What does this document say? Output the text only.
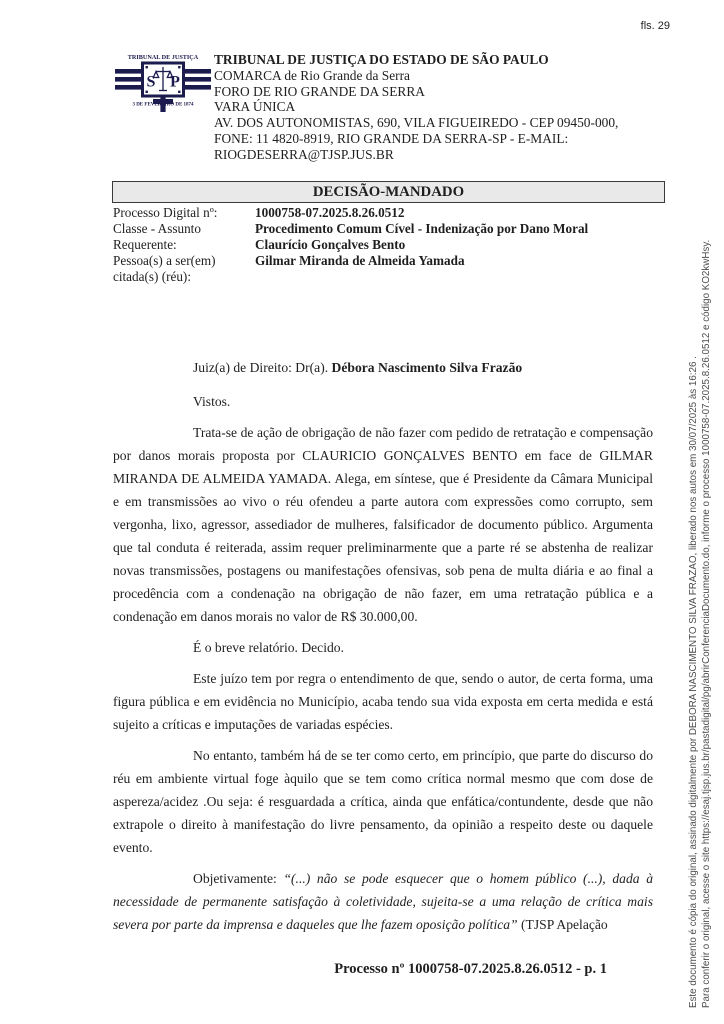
fls. 29
TRIBUNAL DE JUSTIÇA
S P
3 DE FEVEREIRO DE 1874
TRIBUNAL DE JUSTIÇA DO ESTADO DE SÃO PAULO
COMARCA de Rio Grande da Serra
FORO DE RIO GRANDE DA SERRA
VARA ÚNICA
AV. DOS AUTONOMISTAS, 690, VILA FIGUEIREDO - CEP 09450-000,
FONE: 11 4820-8919, RIO GRANDE DA SERRA-SP - E-MAIL:
RIOGDESERRA@TJSP.JUS.BR
DECISÃO-MANDADO
Processo Digital nº:	1000758-07.2025.8.26.0512
Classe - Assunto	Procedimento Comum Cível - Indenização por Dano Moral
Requerente:	Claurício Gonçalves Bento
Pessoa(s) a ser(em) citada(s) (réu):	Gilmar Miranda de Almeida Yamada

Juiz(a) de Direito: Dr(a). Débora Nascimento Silva Frazão

Vistos.

Trata-se de ação de obrigação de não fazer com pedido de retratação e compensação por danos morais proposta por CLAURICIO GONÇALVES BENTO em face de GILMAR MIRANDA DE ALMEIDA YAMADA. Alega, em síntese, que é Presidente da Câmara Municipal e em transmissões ao vivo o réu ofendeu a parte autora com expressões como corrupto, sem vergonha, lixo, agressor, assediador de mulheres, falsificador de documento público. Argumenta que tal conduta é reiterada, assim requer preliminarmente que a parte ré se abstenha de realizar novas transmissões, postagens ou manifestações ofensivas, sob pena de multa diária e ao final a procedência com a condenação na obrigação de não fazer, em uma retratação pública e a condenação em danos morais no valor de R$ 30.000,00.

É o breve relatório. Decido.

Este juízo tem por regra o entendimento de que, sendo o autor, de certa forma, uma figura pública e em evidência no Município, acaba tendo sua vida exposta em certa medida e está sujeito a críticas e imputações de variadas espécies.

No entanto, também há de se ter como certo, em princípio, que parte do discurso do réu em ambiente virtual foge àquilo que se tem como crítica normal mesmo que com dose de aspereza/acidez .Ou seja: é resguardada a crítica, ainda que enfática/contundente, desde que não extrapole o direito à manifestação do livre pensamento, da opinião a respeito deste ou daquele evento.

Objetivamente: “(...) não se pode esquecer que o homem público (...), dada à necessidade de permanente satisfação à coletividade, sujeita-se a uma relação de crítica mais severa por parte da imprensa e daqueles que lhe fazem oposição política” (TJSP Apelação

Processo nº 1000758-07.2025.8.26.0512 - p. 1	Este documento é cópia do original, assinado digitalmente por DEBORA NASCIMENTO SILVA FRAZAO, liberado nos autos em 30/07/2025 às 16:26 . Para conferir o original, acesse o site https://esaj.tjsp.jus.br/pastadigital/pg/abrirConferenciaDocumento.do, informe o processo 1000758-07.2025.8.26.0512 e código KO2kwHsy.
